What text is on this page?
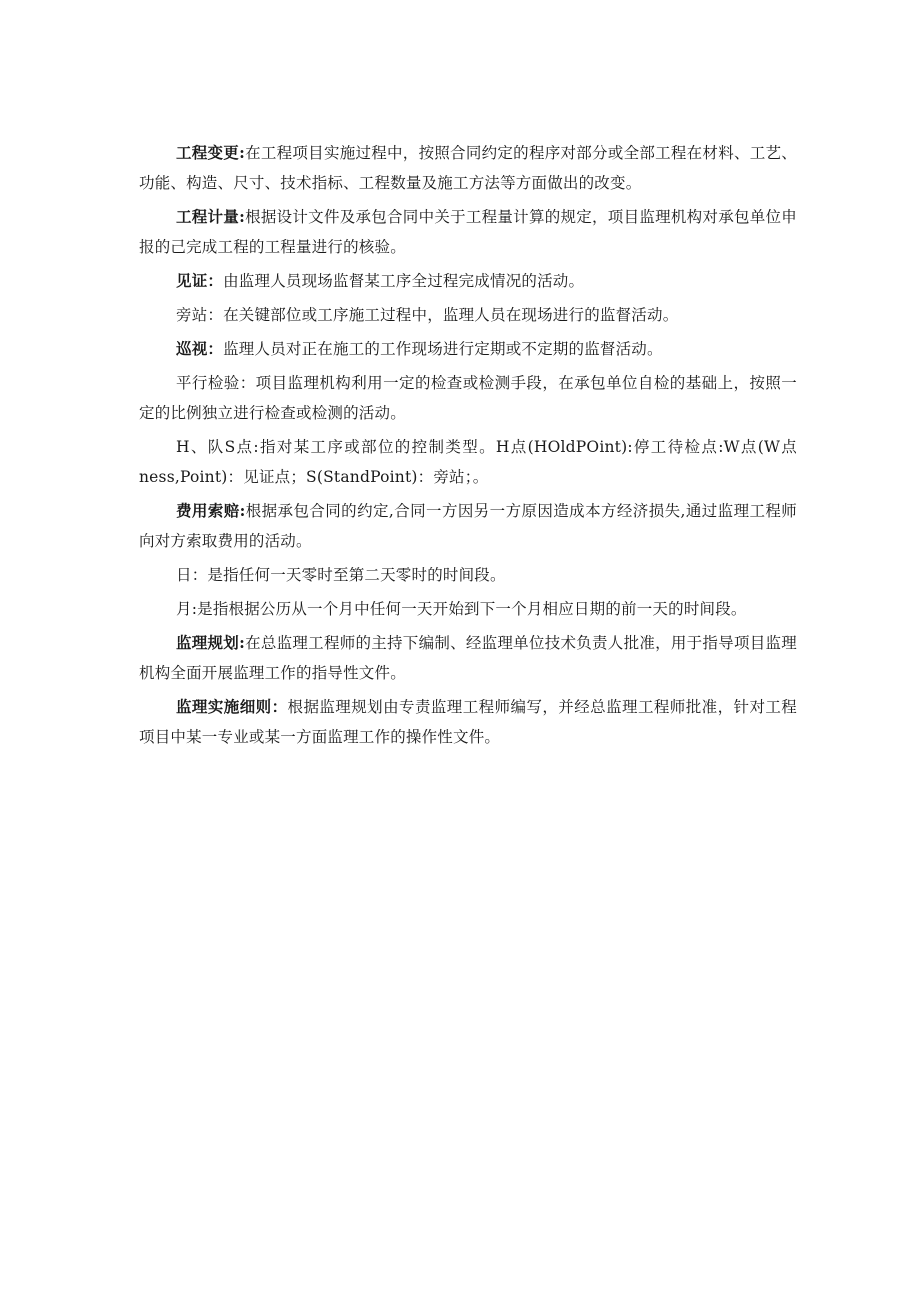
工程变更:在工程项目实施过程中，按照合同约定的程序对部分或全部工程在材料、工艺、功能、构造、尺寸、技术指标、工程数量及施工方法等方面做出的改变。

工程计量:根据设计文件及承包合同中关于工程量计算的规定，项目监理机构对承包单位申报的己完成工程的工程量进行的核验。

见证：由监理人员现场监督某工序全过程完成情况的活动。

旁站：在关键部位或工序施工过程中，监理人员在现场进行的监督活动。

巡视：监理人员对正在施工的工作现场进行定期或不定期的监督活动。

平行检验：项目监理机构利用一定的检查或检测手段，在承包单位自检的基础上，按照一定的比例独立进行检查或检测的活动。

H、队S点:指对某工序或部位的控制类型。H点(HOldPOint):停工待检点:W点(W点ness,Point)：见证点；S(StandPoint)：旁站；。

费用索赔:根据承包合同的约定,合同一方因另一方原因造成本方经济损失,通过监理工程师向对方索取费用的活动。

日：是指任何一天零时至第二天零时的时间段。

月:是指根据公历从一个月中任何一天开始到下一个月相应日期的前一天的时间段。

监理规划:在总监理工程师的主持下编制、经监理单位技术负责人批准，用于指导项目监理机构全面开展监理工作的指导性文件。

监理实施细则：根据监理规划由专责监理工程师编写，并经总监理工程师批准，针对工程项目中某一专业或某一方面监理工作的操作性文件。
